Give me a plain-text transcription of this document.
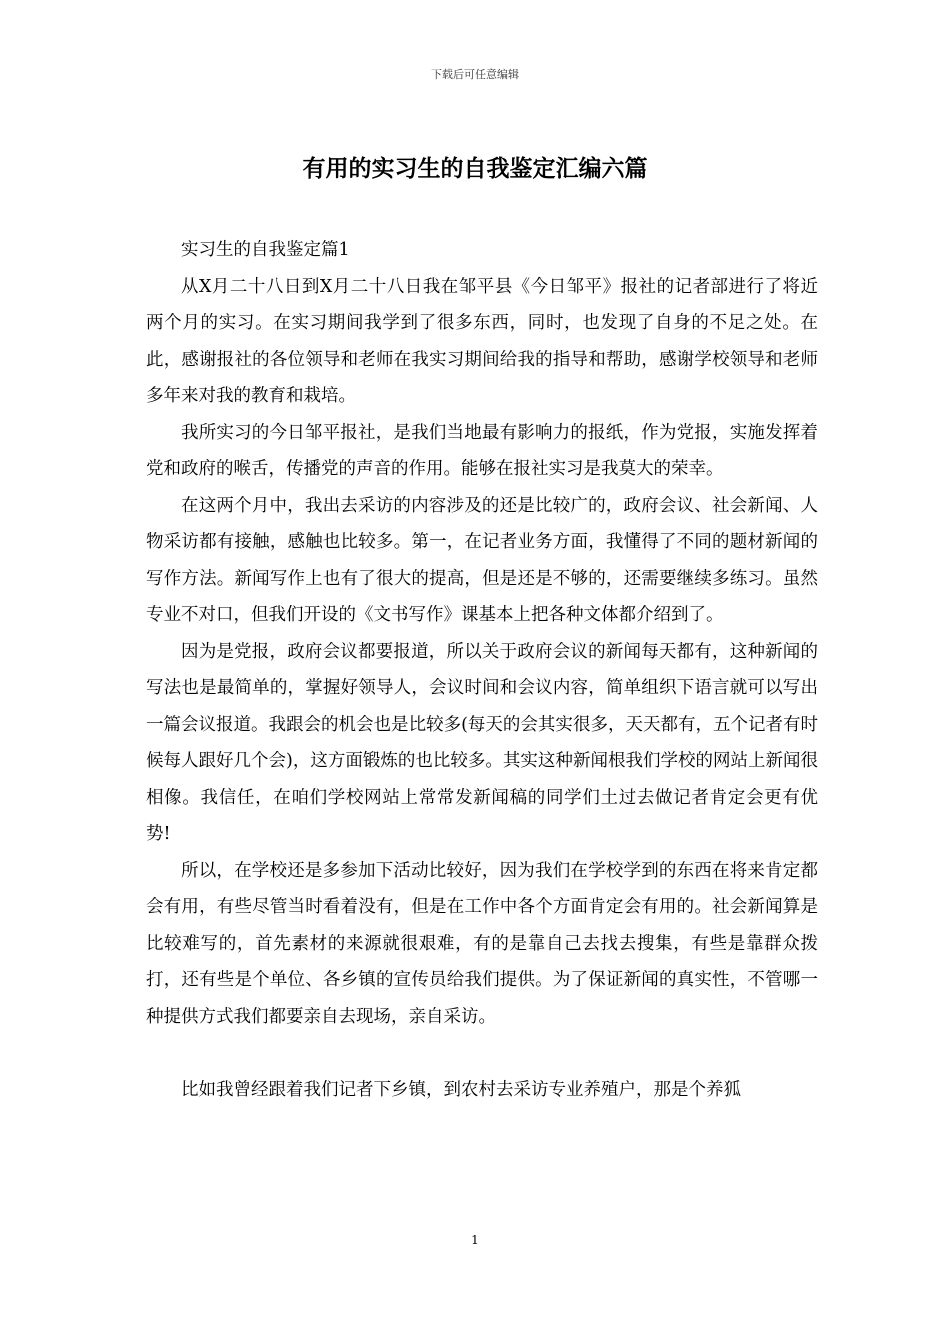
下载后可任意编辑
有用的实习生的自我鉴定汇编六篇

实习生的自我鉴定篇1

从X月二十八日到X月二十八日我在邹平县《今日邹平》报社的记者部进行了将近两个月的实习。在实习期间我学到了很多东西，同时，也发现了自身的不足之处。在此，感谢报社的各位领导和老师在我实习期间给我的指导和帮助，感谢学校领导和老师多年来对我的教育和栽培。

我所实习的今日邹平报社，是我们当地最有影响力的报纸，作为党报，实施发挥着党和政府的喉舌，传播党的声音的作用。能够在报社实习是我莫大的荣幸。

在这两个月中，我出去采访的内容涉及的还是比较广的，政府会议、社会新闻、人物采访都有接触，感触也比较多。第一，在记者业务方面，我懂得了不同的题材新闻的写作方法。新闻写作上也有了很大的提高，但是还是不够的，还需要继续多练习。虽然专业不对口，但我们开设的《文书写作》课基本上把各种文体都介绍到了。

因为是党报，政府会议都要报道，所以关于政府会议的新闻每天都有，这种新闻的写法也是最简单的，掌握好领导人，会议时间和会议内容，简单组织下语言就可以写出一篇会议报道。我跟会的机会也是比较多(每天的会其实很多，天天都有，五个记者有时候每人跟好几个会)，这方面锻炼的也比较多。其实这种新闻根我们学校的网站上新闻很相像。我信任，在咱们学校网站上常常发新闻稿的同学们土过去做记者肯定会更有优势!

所以，在学校还是多参加下活动比较好，因为我们在学校学到的东西在将来肯定都会有用，有些尽管当时看着没有，但是在工作中各个方面肯定会有用的。社会新闻算是比较难写的，首先素材的来源就很艰难，有的是靠自己去找去搜集，有些是靠群众拨打，还有些是个单位、各乡镇的宣传员给我们提供。为了保证新闻的真实性，不管哪一种提供方式我们都要亲自去现场，亲自采访。

比如我曾经跟着我们记者下乡镇，到农村去采访专业养殖户，那是个养狐

1
